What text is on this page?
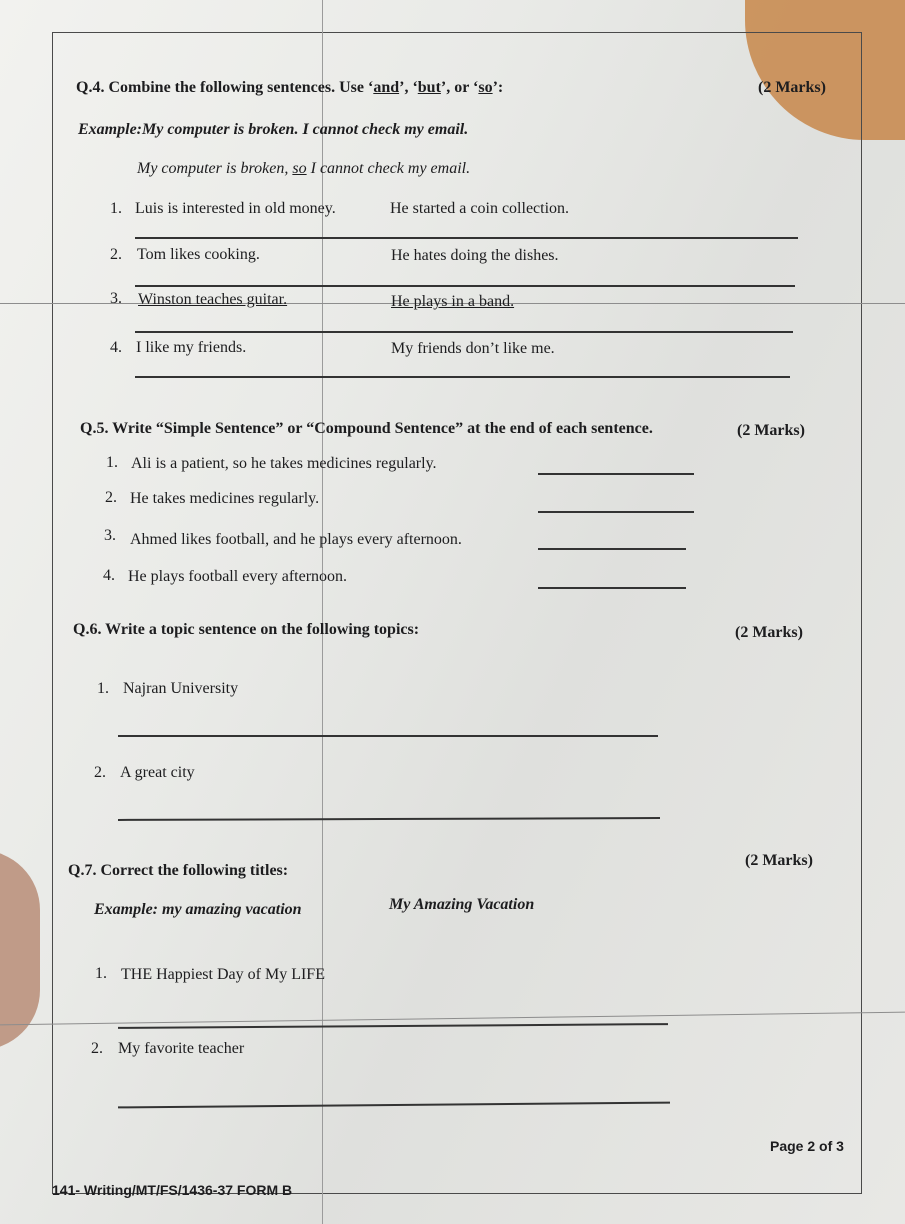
Q.4. Combine the following sentences. Use ‘and’, ‘but’, or ‘so’:	(2 Marks)
Example:My computer is broken. I cannot check my email.
My computer is broken, so I cannot check my email.
1. Luis is interested in old money.	He started a coin collection.
2. Tom likes cooking.	He hates doing the dishes.
3. Winston teaches guitar.	He plays in a band.
4. I like my friends.	My friends don’t like me.
Q.5. Write “Simple Sentence” or “Compound Sentence” at the end of each sentence.	(2 Marks)
1. Ali is a patient, so he takes medicines regularly.
2. He takes medicines regularly.
3. Ahmed likes football, and he plays every afternoon.
4. He plays football every afternoon.
Q.6. Write a topic sentence on the following topics:	(2 Marks)
1. Najran University
2. A great city
Q.7. Correct the following titles:
(2 Marks)
Example: my amazing vacation	My Amazing Vacation
1. THE Happiest Day of My LIFE
2. My favorite teacher
Page 2 of 3
141- Writing/MT/FS/1436-37 FORM B
